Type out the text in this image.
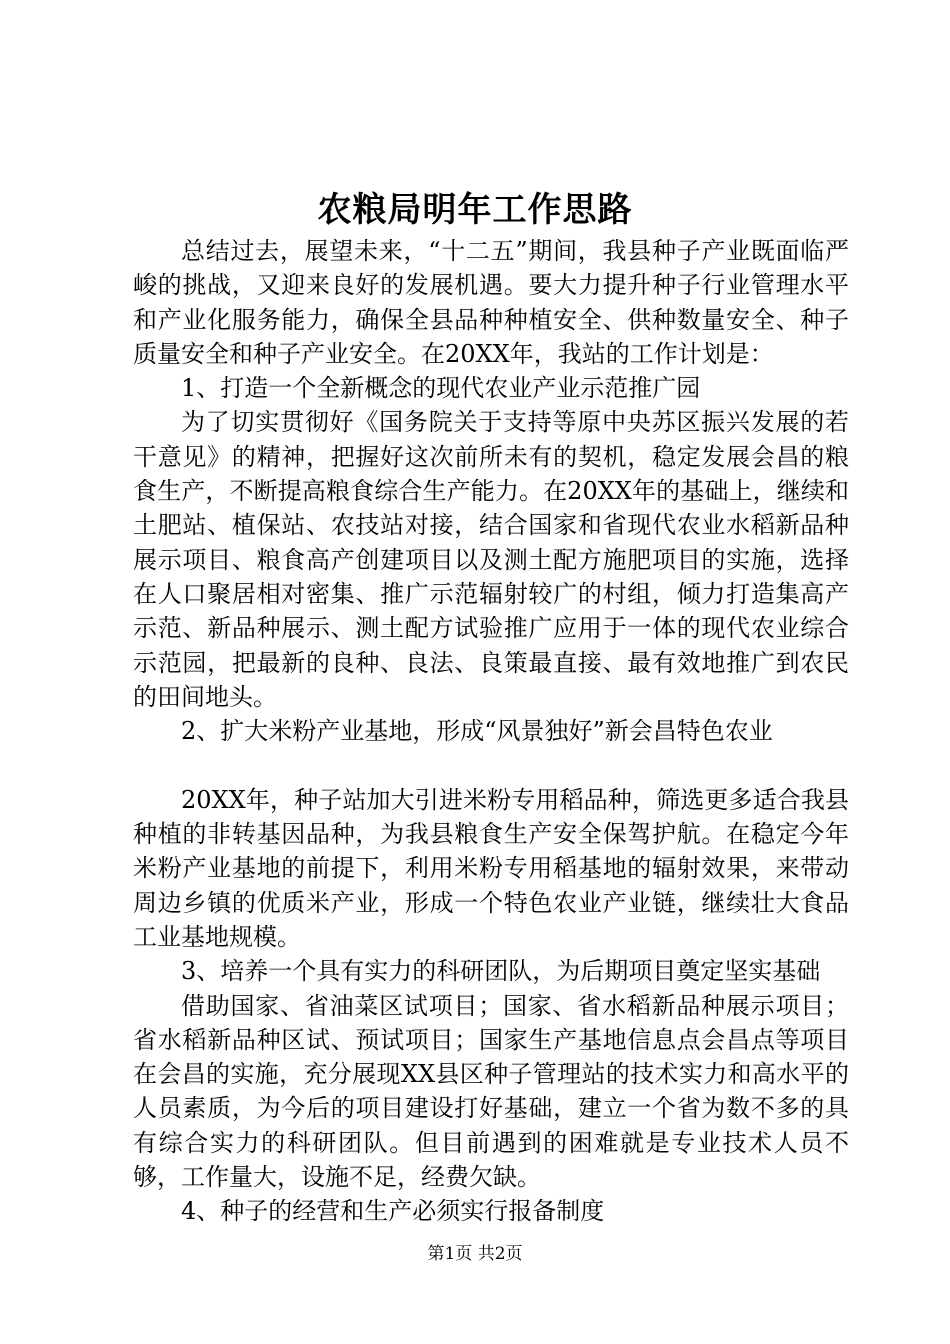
农粮局明年工作思路

总结过去，展望未来，“十二五”期间，我县种子产业既面临严峻的挑战，又迎来良好的发展机遇。要大力提升种子行业管理水平和产业化服务能力，确保全县品种种植安全、供种数量安全、种子质量安全和种子产业安全。在20XX年，我站的工作计划是：

1、打造一个全新概念的现代农业产业示范推广园

为了切实贯彻好《国务院关于支持等原中央苏区振兴发展的若干意见》的精神，把握好这次前所未有的契机，稳定发展会昌的粮食生产，不断提高粮食综合生产能力。在20XX年的基础上，继续和土肥站、植保站、农技站对接，结合国家和省现代农业水稻新品种展示项目、粮食高产创建项目以及测土配方施肥项目的实施，选择在人口聚居相对密集、推广示范辐射较广的村组，倾力打造集高产示范、新品种展示、测土配方试验推广应用于一体的现代农业综合示范园，把最新的良种、良法、良策最直接、最有效地推广到农民的田间地头。

2、扩大米粉产业基地，形成“风景独好”新会昌特色农业

20XX年，种子站加大引进米粉专用稻品种，筛选更多适合我县种植的非转基因品种，为我县粮食生产安全保驾护航。在稳定今年米粉产业基地的前提下，利用米粉专用稻基地的辐射效果，来带动周边乡镇的优质米产业，形成一个特色农业产业链，继续壮大食品工业基地规模。

3、培养一个具有实力的科研团队，为后期项目奠定坚实基础

借助国家、省油菜区试项目；国家、省水稻新品种展示项目；省水稻新品种区试、预试项目；国家生产基地信息点会昌点等项目在会昌的实施，充分展现XX县区种子管理站的技术实力和高水平的人员素质，为今后的项目建设打好基础，建立一个省为数不多的具有综合实力的科研团队。但目前遇到的困难就是专业技术人员不够，工作量大，设施不足，经费欠缺。

4、种子的经营和生产必须实行报备制度

第1页 共2页
